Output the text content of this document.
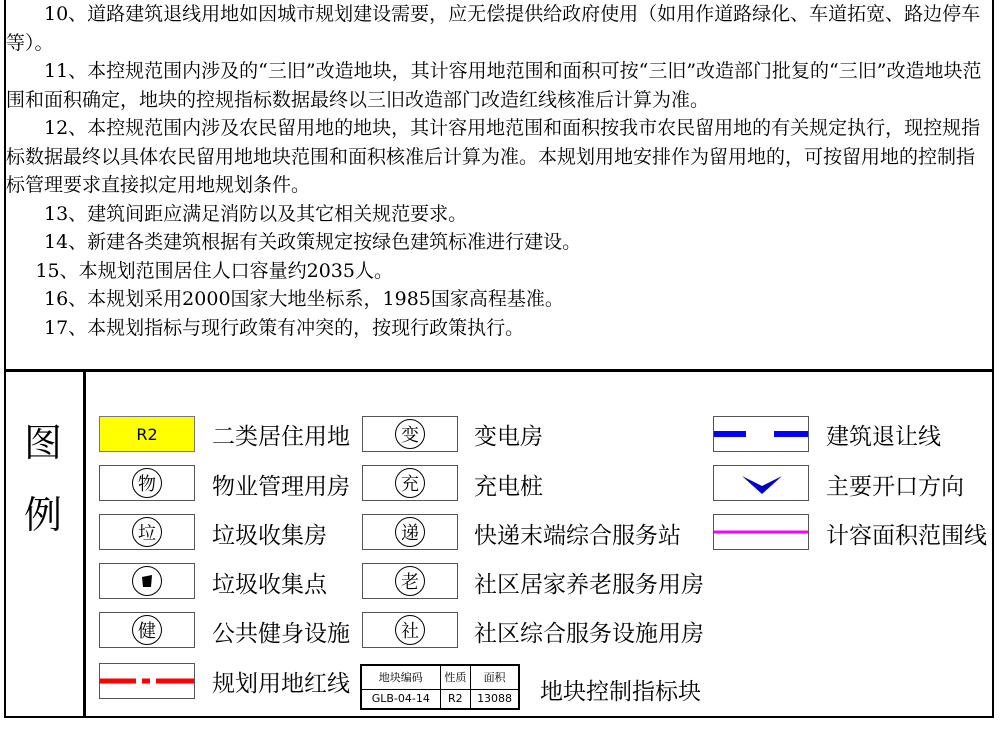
10、道路建筑退线用地如因城市规划建设需要，应无偿提供给政府使用（如用作道路绿化、车道拓宽、路边停车等）。

11、本控规范围内涉及的“三旧”改造地块，其计容用地范围和面积可按“三旧”改造部门批复的“三旧”改造地块范围和面积确定，地块的控规指标数据最终以三旧改造部门改造红线核准后计算为准。

12、本控规范围内涉及农民留用地的地块，其计容用地范围和面积按我市农民留用地的有关规定执行，现控规指标数据最终以具体农民留用地地块范围和面积核准后计算为准。本规划用地安排作为留用地的，可按留用地的控制指标管理要求直接拟定用地规划条件。

13、建筑间距应满足消防以及其它相关规范要求。

14、新建各类建筑根据有关政策规定按绿色建筑标准进行建设。

15、本规划范围居住人口容量约2035人。

16、本规划采用2000国家大地坐标系，1985国家高程基准。

17、本规划指标与现行政策有冲突的，按现行政策执行。

图
例
R2 二类居住用地
物 物业管理用房
垃 垃圾收集房
垃圾收集点
健 公共健身设施
规划用地红线
变 变电房
充 充电桩
递 快递末端综合服务站
老 社区居家养老服务用房
社 社区综合服务设施用房
地块编码	性质	面积
GLB-04-14	R2	13088 地块控制指标块
建筑退让线
主要开口方向
计容面积范围线
